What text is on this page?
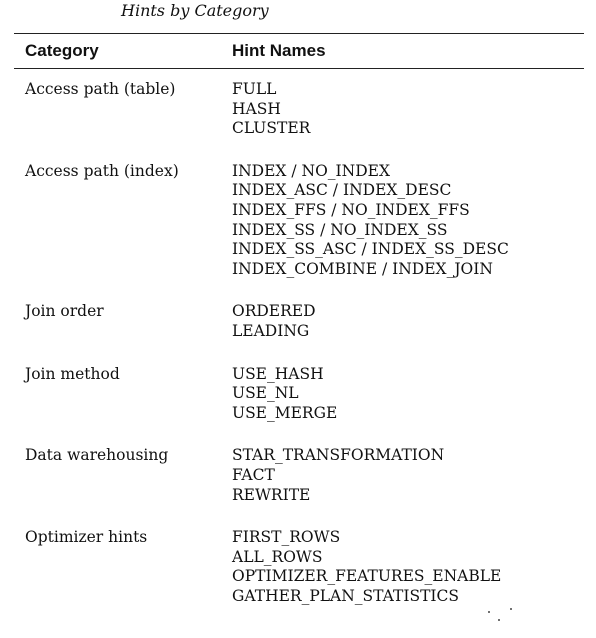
Hints by Category
Category	Hint Names
Access path (table)	FULL
HASH
CLUSTER
Access path (index)	INDEX / NO_INDEX
INDEX_ASC / INDEX_DESC
INDEX_FFS / NO_INDEX_FFS
INDEX_SS / NO_INDEX_SS
INDEX_SS_ASC / INDEX_SS_DESC
INDEX_COMBINE / INDEX_JOIN
Join order	ORDERED
LEADING
Join method	USE_HASH
USE_NL
USE_MERGE
Data warehousing	STAR_TRANSFORMATION
FACT
REWRITE
Optimizer hints	FIRST_ROWS
ALL_ROWS
OPTIMIZER_FEATURES_ENABLE
GATHER_PLAN_STATISTICS
